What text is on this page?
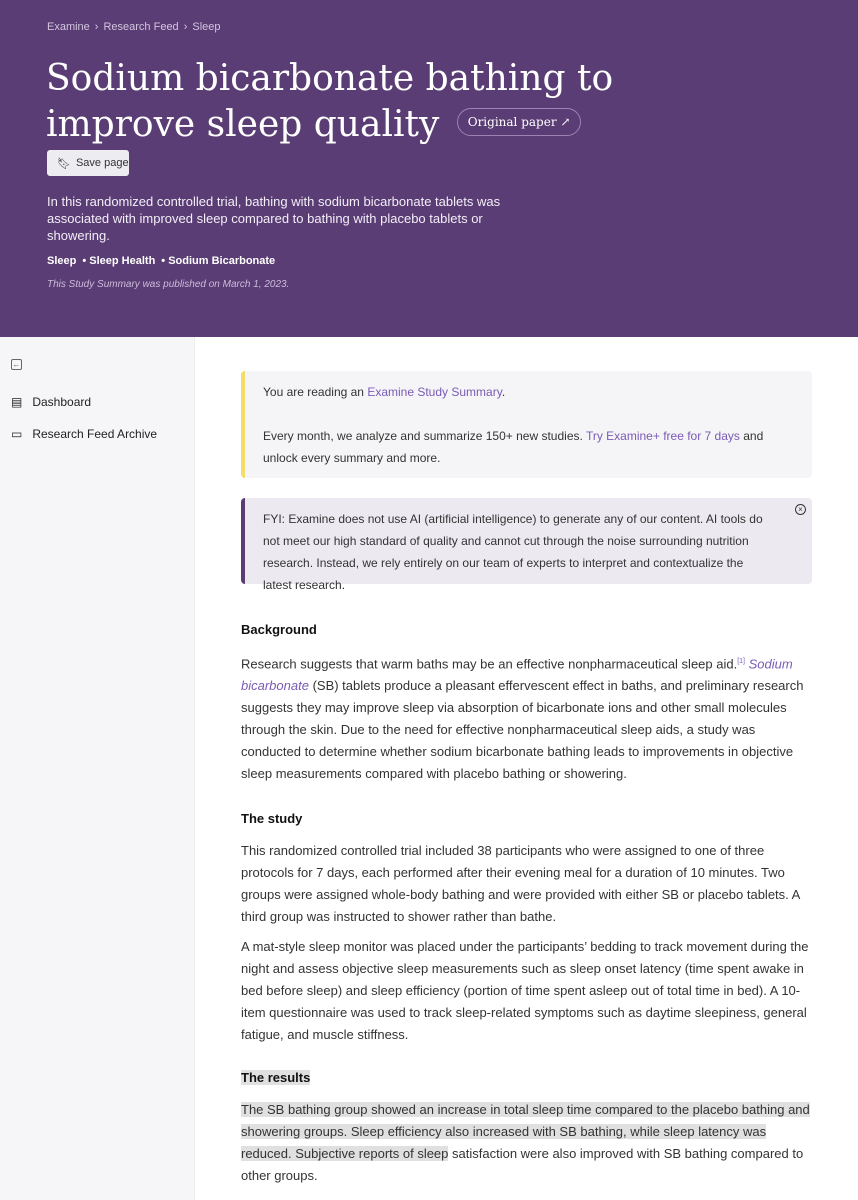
Examine › Research Feed › Sleep
Sodium bicarbonate bathing to improve sleep quality Original paper ↗
🔖︎ Save page
In this randomized controlled trial, bathing with sodium bicarbonate tablets was associated with improved sleep compared to bathing with placebo tablets or showering.
Sleep • Sleep Health • Sodium Bicarbonate
This Study Summary was published on March 1, 2023.
←
▤ Dashboard
▭ Research Feed Archive

You are reading an Examine Study Summary.

Every month, we analyze and summarize 150+ new studies. Try Examine+ free for 7 days and unlock every summary and more.

FYI: Examine does not use AI (artificial intelligence) to generate any of our content. AI tools do not meet our high standard of quality and cannot cut through the noise surrounding nutrition research. Instead, we rely entirely on our team of experts to interpret and contextualize the latest research.
×
Background

Research suggests that warm baths may be an effective nonpharmaceutical sleep aid.[1] Sodium bicarbonate (SB) tablets produce a pleasant effervescent effect in baths, and preliminary research suggests they may improve sleep via absorption of bicarbonate ions and other small molecules through the skin. Due to the need for effective nonpharmaceutical sleep aids, a study was conducted to determine whether sodium bicarbonate bathing leads to improvements in objective sleep measurements compared with placebo bathing or showering.

The study

This randomized controlled trial included 38 participants who were assigned to one of three protocols for 7 days, each performed after their evening meal for a duration of 10 minutes. Two groups were assigned whole-body bathing and were provided with either SB or placebo tablets. A third group was instructed to shower rather than bathe.

A mat-style sleep monitor was placed under the participants’ bedding to track movement during the night and assess objective sleep measurements such as sleep onset latency (time spent awake in bed before sleep) and sleep efficiency (portion of time spent asleep out of total time in bed). A 10-item questionnaire was used to track sleep-related symptoms such as daytime sleepiness, general fatigue, and muscle stiffness.

The results

The SB bathing group showed an increase in total sleep time compared to the placebo bathing and showering groups. Sleep efficiency also increased with SB bathing, while sleep latency was reduced. Subjective reports of sleep satisfaction were also improved with SB bathing compared to other groups.
